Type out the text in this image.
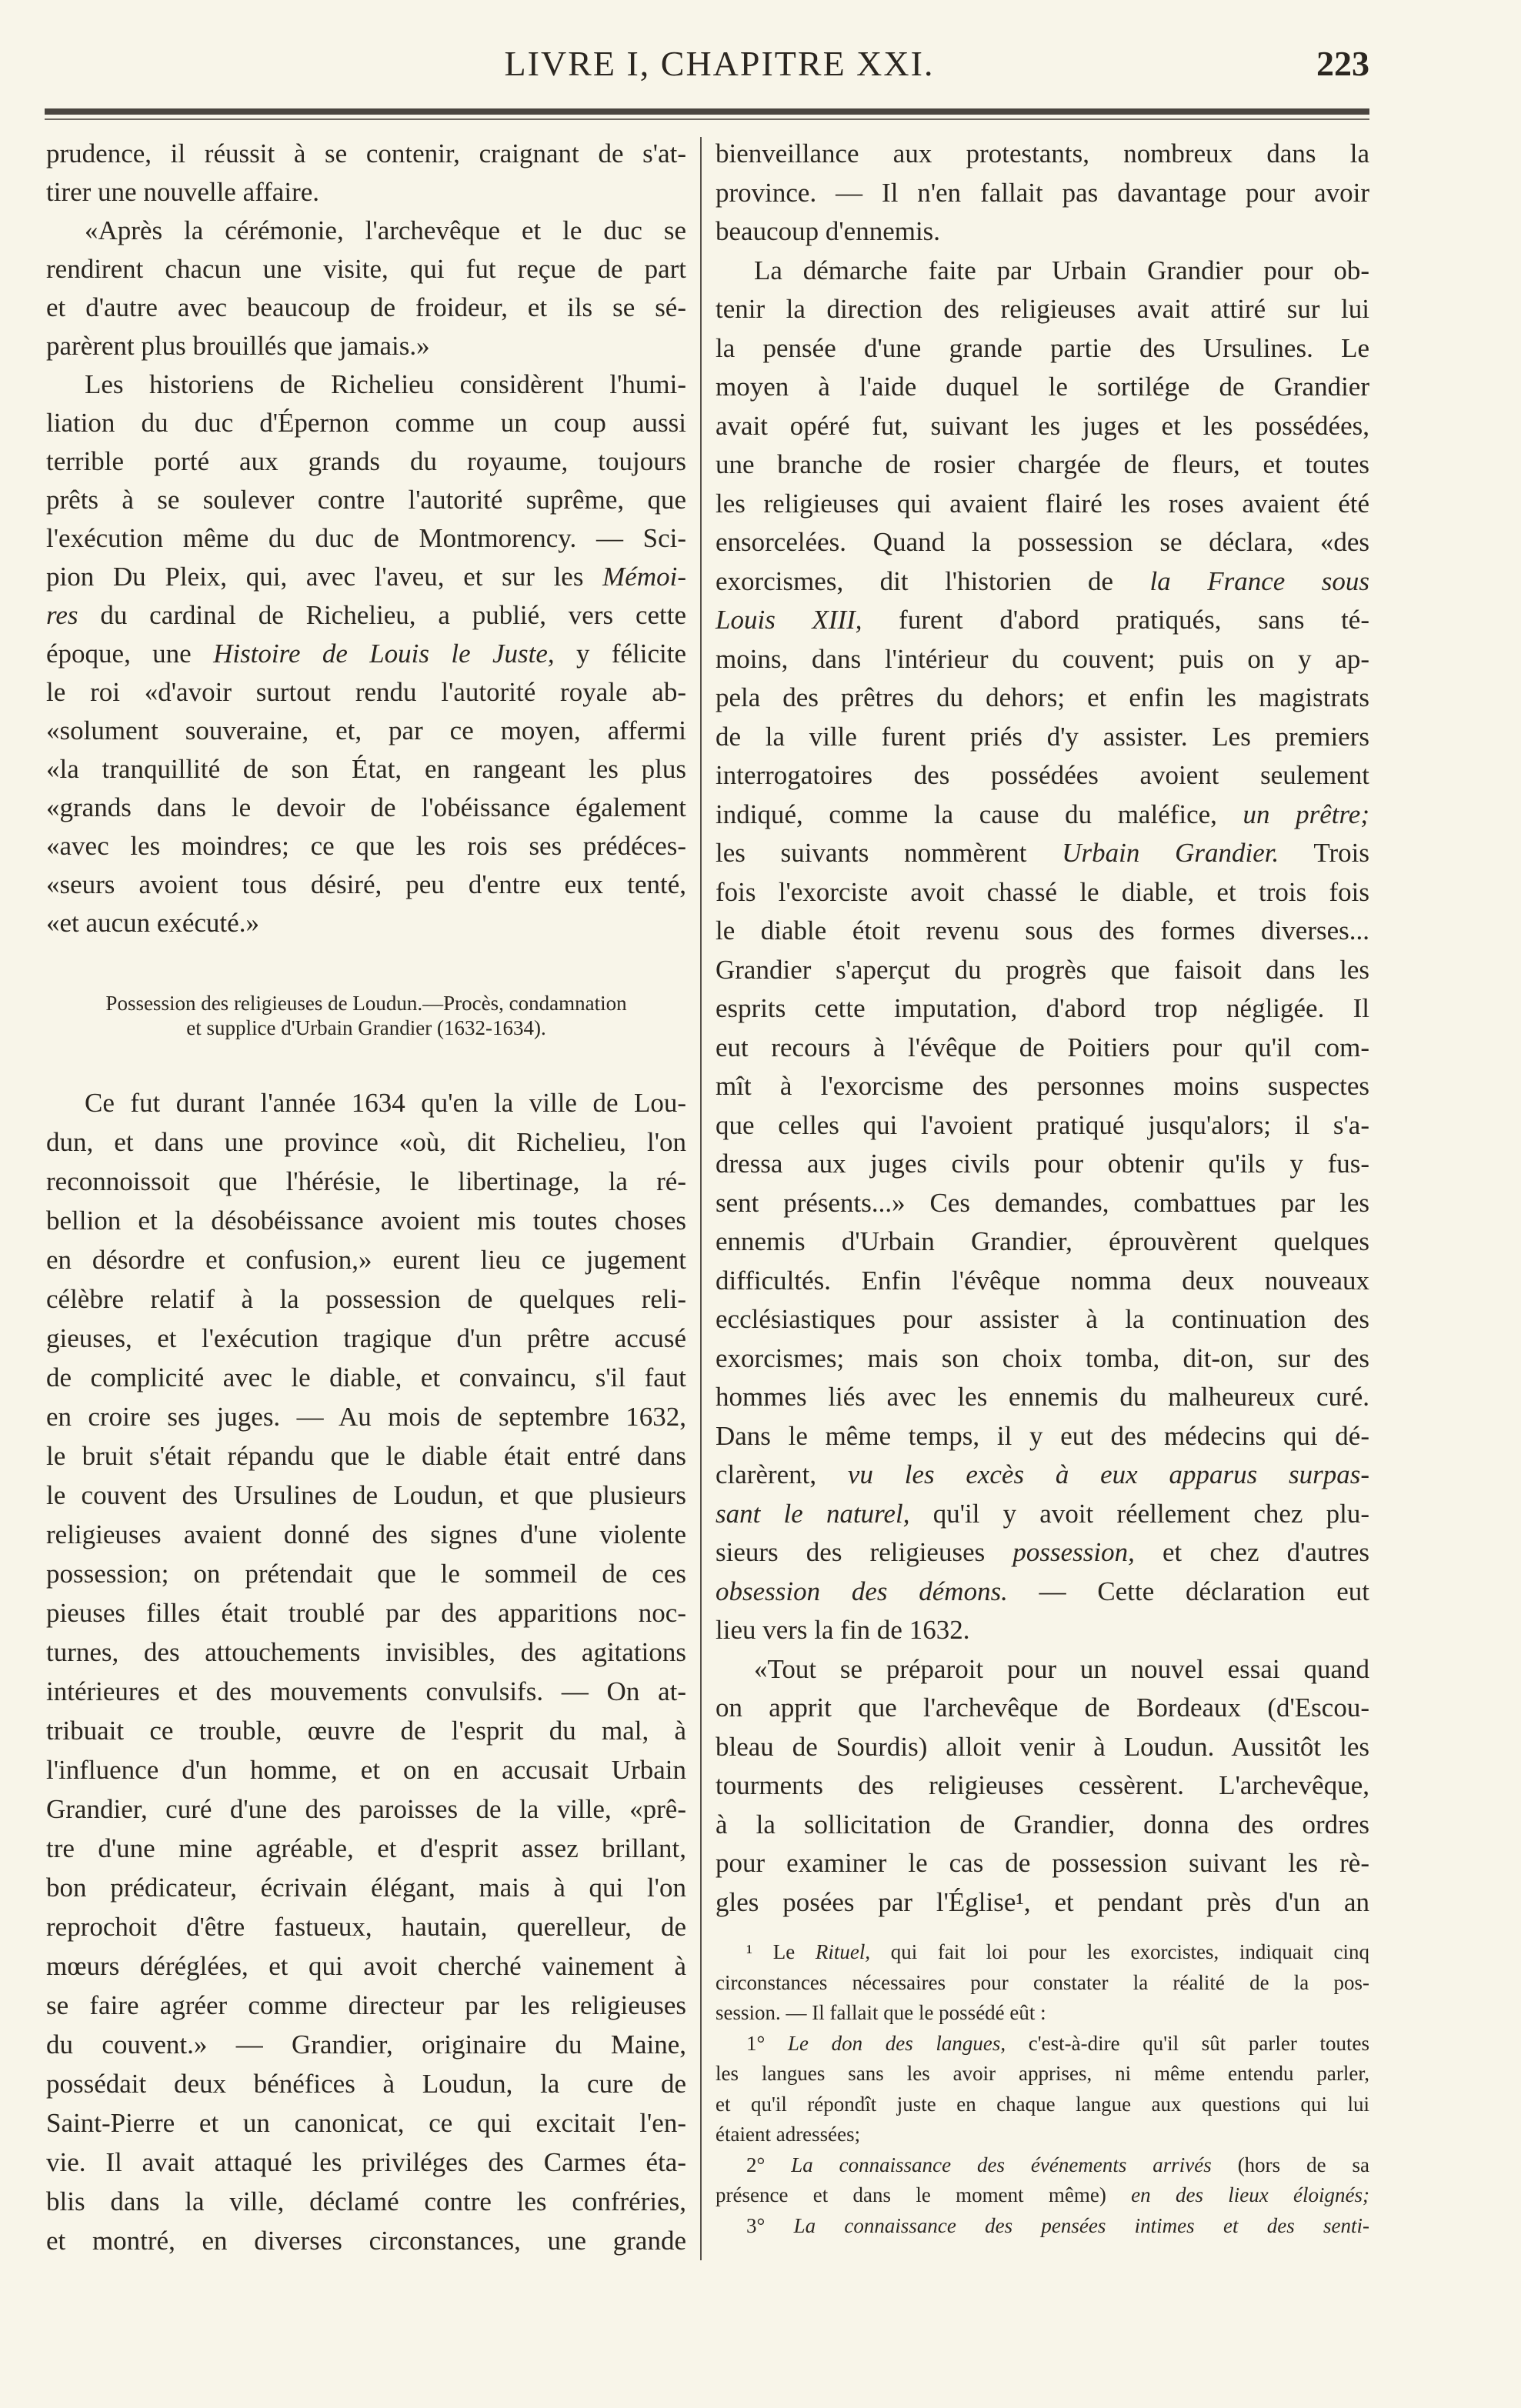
LIVRE I, CHAPITRE XXI.	223
prudence, il réussit à se contenir, craignant de s'at-
tirer une nouvelle affaire.
«Après la cérémonie, l'archevêque et le duc se
rendirent chacun une visite, qui fut reçue de part
et d'autre avec beaucoup de froideur, et ils se sé-
parèrent plus brouillés que jamais.»
Les historiens de Richelieu considèrent l'humi-
liation du duc d'Épernon comme un coup aussi
terrible porté aux grands du royaume, toujours
prêts à se soulever contre l'autorité suprême, que
l'exécution même du duc de Montmorency. — Sci-
pion Du Pleix, qui, avec l'aveu, et sur les Mémoi-
res du cardinal de Richelieu, a publié, vers cette
époque, une Histoire de Louis le Juste, y félicite
le roi «d'avoir surtout rendu l'autorité royale ab-
«solument souveraine, et, par ce moyen, affermi
«la tranquillité de son État, en rangeant les plus
«grands dans le devoir de l'obéissance également
«avec les moindres; ce que les rois ses prédéces-
«seurs avoient tous désiré, peu d'entre eux tenté,
«et aucun exécuté.»
Possession des religieuses de Loudun.—Procès, condamnation
et supplice d'Urbain Grandier (1632-1634).
Ce fut durant l'année 1634 qu'en la ville de Lou-
dun, et dans une province «où, dit Richelieu, l'on
reconnoissoit que l'hérésie, le libertinage, la ré-
bellion et la désobéissance avoient mis toutes choses
en désordre et confusion,» eurent lieu ce jugement
célèbre relatif à la possession de quelques reli-
gieuses, et l'exécution tragique d'un prêtre accusé
de complicité avec le diable, et convaincu, s'il faut
en croire ses juges. — Au mois de septembre 1632,
le bruit s'était répandu que le diable était entré dans
le couvent des Ursulines de Loudun, et que plusieurs
religieuses avaient donné des signes d'une violente
possession; on prétendait que le sommeil de ces
pieuses filles était troublé par des apparitions noc-
turnes, des attouchements invisibles, des agitations
intérieures et des mouvements convulsifs. — On at-
tribuait ce trouble, œuvre de l'esprit du mal, à
l'influence d'un homme, et on en accusait Urbain
Grandier, curé d'une des paroisses de la ville, «prê-
tre d'une mine agréable, et d'esprit assez brillant,
bon prédicateur, écrivain élégant, mais à qui l'on
reprochoit d'être fastueux, hautain, querelleur, de
mœurs déréglées, et qui avoit cherché vainement à
se faire agréer comme directeur par les religieuses
du couvent.» — Grandier, originaire du Maine,
possédait deux bénéfices à Loudun, la cure de
Saint-Pierre et un canonicat, ce qui excitait l'en-
vie. Il avait attaqué les priviléges des Carmes éta-
blis dans la ville, déclamé contre les confréries,
et montré, en diverses circonstances, une grande
bienveillance aux protestants, nombreux dans la
province. — Il n'en fallait pas davantage pour avoir
beaucoup d'ennemis.
La démarche faite par Urbain Grandier pour ob-
tenir la direction des religieuses avait attiré sur lui
la pensée d'une grande partie des Ursulines. Le
moyen à l'aide duquel le sortilége de Grandier
avait opéré fut, suivant les juges et les possédées,
une branche de rosier chargée de fleurs, et toutes
les religieuses qui avaient flairé les roses avaient été
ensorcelées. Quand la possession se déclara, «des
exorcismes, dit l'historien de la France sous
Louis XIII, furent d'abord pratiqués, sans té-
moins, dans l'intérieur du couvent; puis on y ap-
pela des prêtres du dehors; et enfin les magistrats
de la ville furent priés d'y assister. Les premiers
interrogatoires des possédées avoient seulement
indiqué, comme la cause du maléfice, un prêtre;
les suivants nommèrent Urbain Grandier. Trois
fois l'exorciste avoit chassé le diable, et trois fois
le diable étoit revenu sous des formes diverses...
Grandier s'aperçut du progrès que faisoit dans les
esprits cette imputation, d'abord trop négligée. Il
eut recours à l'évêque de Poitiers pour qu'il com-
mît à l'exorcisme des personnes moins suspectes
que celles qui l'avoient pratiqué jusqu'alors; il s'a-
dressa aux juges civils pour obtenir qu'ils y fus-
sent présents...» Ces demandes, combattues par les
ennemis d'Urbain Grandier, éprouvèrent quelques
difficultés. Enfin l'évêque nomma deux nouveaux
ecclésiastiques pour assister à la continuation des
exorcismes; mais son choix tomba, dit-on, sur des
hommes liés avec les ennemis du malheureux curé.
Dans le même temps, il y eut des médecins qui dé-
clarèrent, vu les excès à eux apparus surpas-
sant le naturel, qu'il y avoit réellement chez plu-
sieurs des religieuses possession, et chez d'autres
obsession des démons. — Cette déclaration eut
lieu vers la fin de 1632.
«Tout se préparoit pour un nouvel essai quand
on apprit que l'archevêque de Bordeaux (d'Escou-
bleau de Sourdis) alloit venir à Loudun. Aussitôt les
tourments des religieuses cessèrent. L'archevêque,
à la sollicitation de Grandier, donna des ordres
pour examiner le cas de possession suivant les rè-
gles posées par l'Église¹, et pendant près d'un an
¹ Le Rituel, qui fait loi pour les exorcistes, indiquait cinq
circonstances nécessaires pour constater la réalité de la pos-
session. — Il fallait que le possédé eût :
1° Le don des langues, c'est-à-dire qu'il sût parler toutes
les langues sans les avoir apprises, ni même entendu parler,
et qu'il répondît juste en chaque langue aux questions qui lui
étaient adressées;
2° La connaissance des événements arrivés (hors de sa
présence et dans le moment même) en des lieux éloignés;
3° La connaissance des pensées intimes et des senti-
